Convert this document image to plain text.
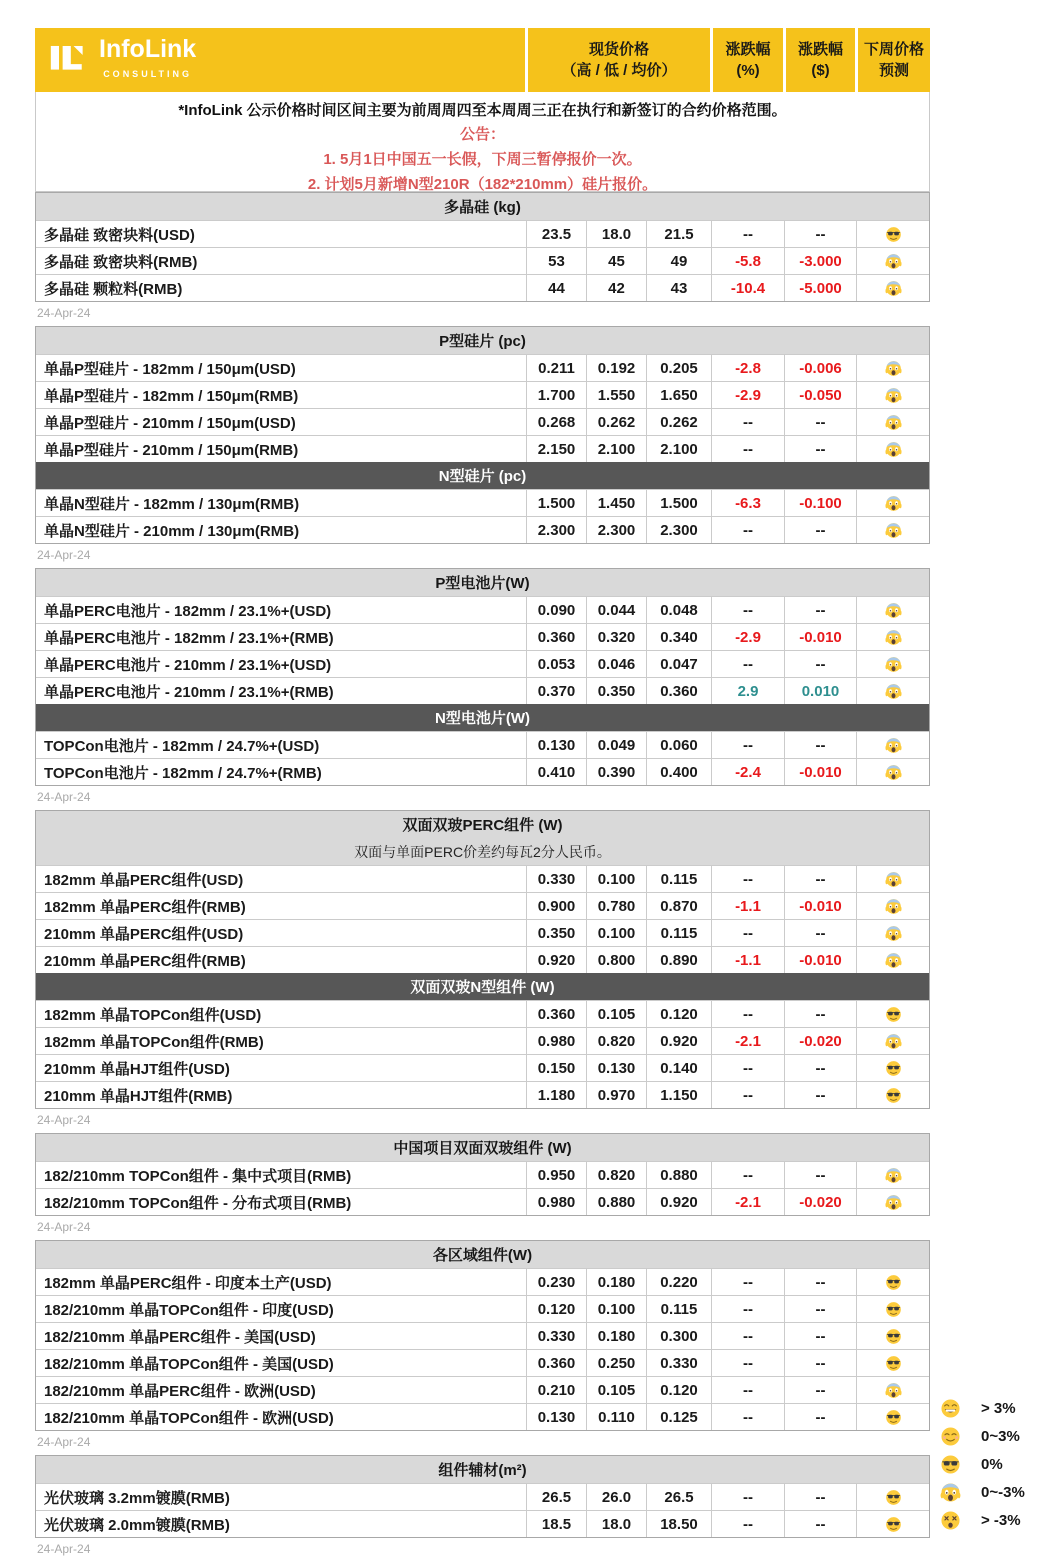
InfoLink
CONSULTING
现货价格
（高 / 低 / 均价）
涨跌幅
(%)
涨跌幅
($)
下周价格
预测
*InfoLink 公示价格时间区间主要为前周周四至本周周三正在执行和新签订的合约价格范围。
公告：
1. 5月1日中国五一长假，下周三暂停报价一次。
2. 计划5月新增N型210R（182*210mm）硅片报价。
多晶硅 (kg)
多晶硅 致密块料(USD)	23.5	18.0	21.5	--	--
多晶硅 致密块料(RMB)	53	45	49	-5.8	-3.000
多晶硅 颗粒料(RMB)	44	42	43	-10.4	-5.000
24-Apr-24
P型硅片 (pc)
单晶P型硅片 - 182mm / 150μm(USD)	0.211	0.192	0.205	-2.8	-0.006
单晶P型硅片 - 182mm / 150μm(RMB)	1.700	1.550	1.650	-2.9	-0.050
单晶P型硅片 - 210mm / 150μm(USD)	0.268	0.262	0.262	--	--
单晶P型硅片 - 210mm / 150μm(RMB)	2.150	2.100	2.100	--	--
N型硅片 (pc)
单晶N型硅片 - 182mm / 130μm(RMB)	1.500	1.450	1.500	-6.3	-0.100
单晶N型硅片 - 210mm / 130μm(RMB)	2.300	2.300	2.300	--	--
24-Apr-24
P型电池片(W)
单晶PERC电池片 - 182mm / 23.1%+(USD)	0.090	0.044	0.048	--	--
单晶PERC电池片 - 182mm / 23.1%+(RMB)	0.360	0.320	0.340	-2.9	-0.010
单晶PERC电池片 - 210mm / 23.1%+(USD)	0.053	0.046	0.047	--	--
单晶PERC电池片 - 210mm / 23.1%+(RMB)	0.370	0.350	0.360	2.9	0.010
N型电池片(W)
TOPCon电池片 - 182mm / 24.7%+(USD)	0.130	0.049	0.060	--	--
TOPCon电池片 - 182mm / 24.7%+(RMB)	0.410	0.390	0.400	-2.4	-0.010
24-Apr-24
双面双玻PERC组件 (W)
双面与单面PERC价差约每瓦2分人民币。
182mm 单晶PERC组件(USD)	0.330	0.100	0.115	--	--
182mm 单晶PERC组件(RMB)	0.900	0.780	0.870	-1.1	-0.010
210mm 单晶PERC组件(USD)	0.350	0.100	0.115	--	--
210mm 单晶PERC组件(RMB)	0.920	0.800	0.890	-1.1	-0.010
双面双玻N型组件 (W)
182mm 单晶TOPCon组件(USD)	0.360	0.105	0.120	--	--
182mm 单晶TOPCon组件(RMB)	0.980	0.820	0.920	-2.1	-0.020
210mm 单晶HJT组件(USD)	0.150	0.130	0.140	--	--
210mm 单晶HJT组件(RMB)	1.180	0.970	1.150	--	--
24-Apr-24
中国项目双面双玻组件 (W)
182/210mm TOPCon组件 - 集中式项目(RMB)	0.950	0.820	0.880	--	--
182/210mm TOPCon组件 - 分布式项目(RMB)	0.980	0.880	0.920	-2.1	-0.020
24-Apr-24
各区域组件(W)
182mm 单晶PERC组件 - 印度本土产(USD)	0.230	0.180	0.220	--	--
182/210mm 单晶TOPCon组件 - 印度(USD)	0.120	0.100	0.115	--	--
182/210mm 单晶PERC组件 - 美国(USD)	0.330	0.180	0.300	--	--
182/210mm 单晶TOPCon组件 - 美国(USD)	0.360	0.250	0.330	--	--
182/210mm 单晶PERC组件 - 欧洲(USD)	0.210	0.105	0.120	--	--
182/210mm 单晶TOPCon组件 - 欧洲(USD)	0.130	0.110	0.125	--	--
24-Apr-24
组件辅材(m²)
光伏玻璃 3.2mm镀膜(RMB)	26.5	26.0	26.5	--	--
光伏玻璃 2.0mm镀膜(RMB)	18.5	18.0	18.50	--	--
24-Apr-24
> 3%
0~3%
0%
0~-3%
> -3%
